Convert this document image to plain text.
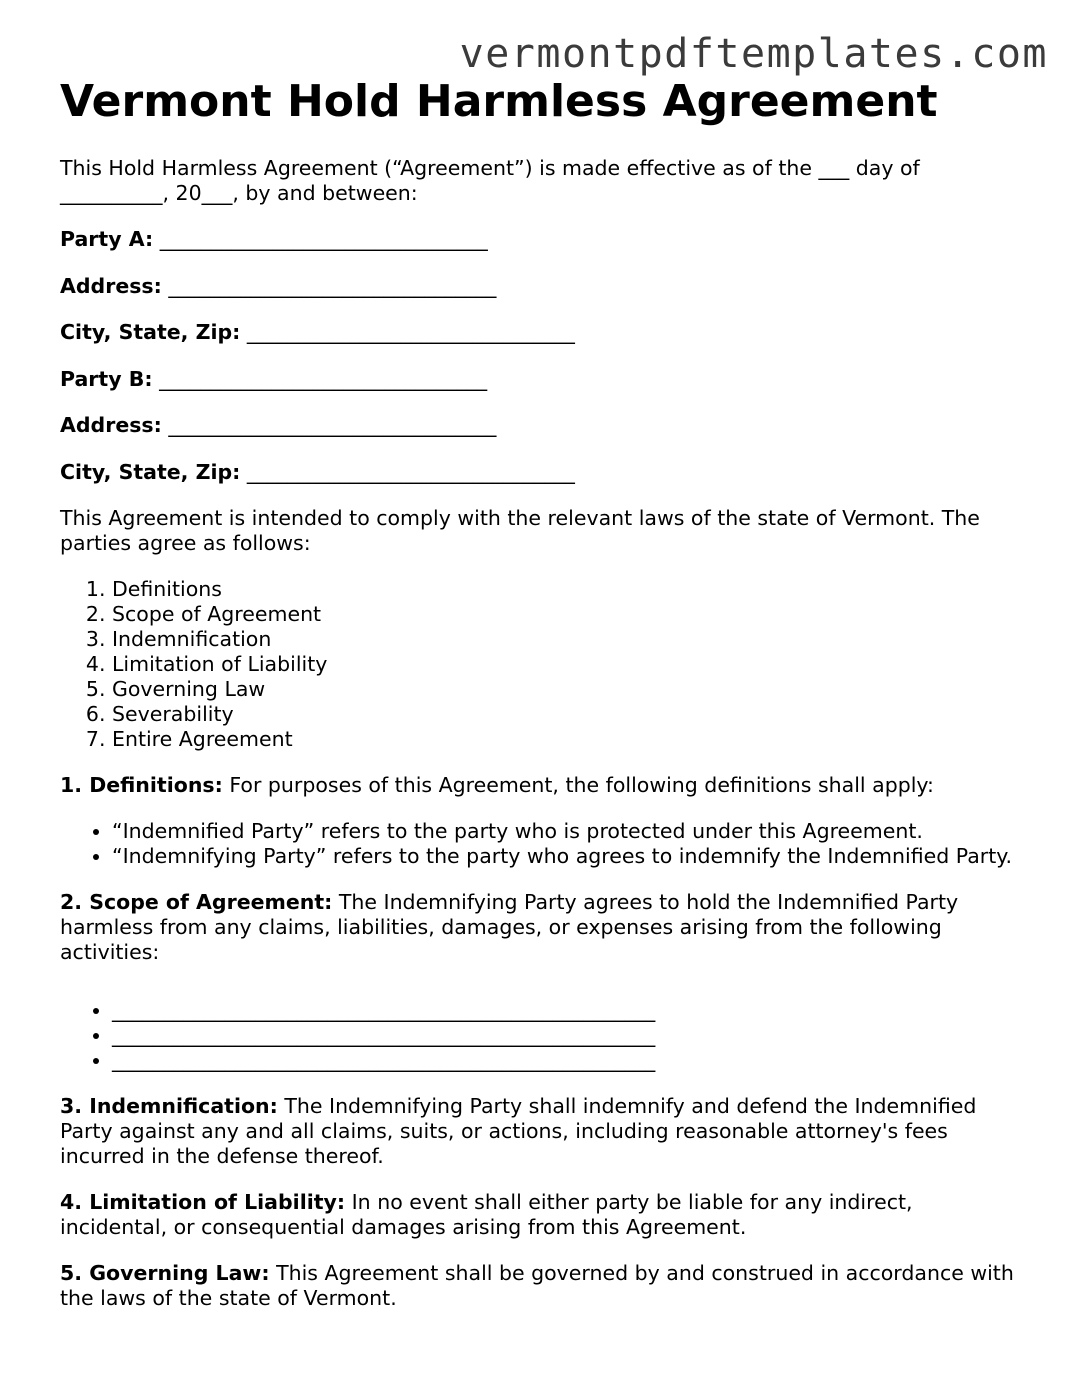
vermontpdftemplates.com
Vermont Hold Harmless Agreement

This Hold Harmless Agreement (“Agreement”) is made effective as of the ___ day of __________, 20___, by and between:

Party A: ________________________________
Address: ________________________________
City, State, Zip: ________________________________
Party B: ________________________________
Address: ________________________________
City, State, Zip: ________________________________

This Agreement is intended to comply with the relevant laws of the state of Vermont. The parties agree as follows:

1. Definitions
2. Scope of Agreement
3. Indemnification
4. Limitation of Liability
5. Governing Law
6. Severability
7. Entire Agreement

1. Definitions: For purposes of this Agreement, the following definitions shall apply:

• “Indemnified Party” refers to the party who is protected under this Agreement.
• “Indemnifying Party” refers to the party who agrees to indemnify the Indemnified Party.

2. Scope of Agreement: The Indemnifying Party agrees to hold the Indemnified Party harmless from any claims, liabilities, damages, or expenses arising from the following activities:

• _____________________________________________________
• _____________________________________________________
• _____________________________________________________

3. Indemnification: The Indemnifying Party shall indemnify and defend the Indemnified Party against any and all claims, suits, or actions, including reasonable attorney's fees incurred in the defense thereof.

4. Limitation of Liability: In no event shall either party be liable for any indirect, incidental, or consequential damages arising from this Agreement.

5. Governing Law: This Agreement shall be governed by and construed in accordance with the laws of the state of Vermont.
